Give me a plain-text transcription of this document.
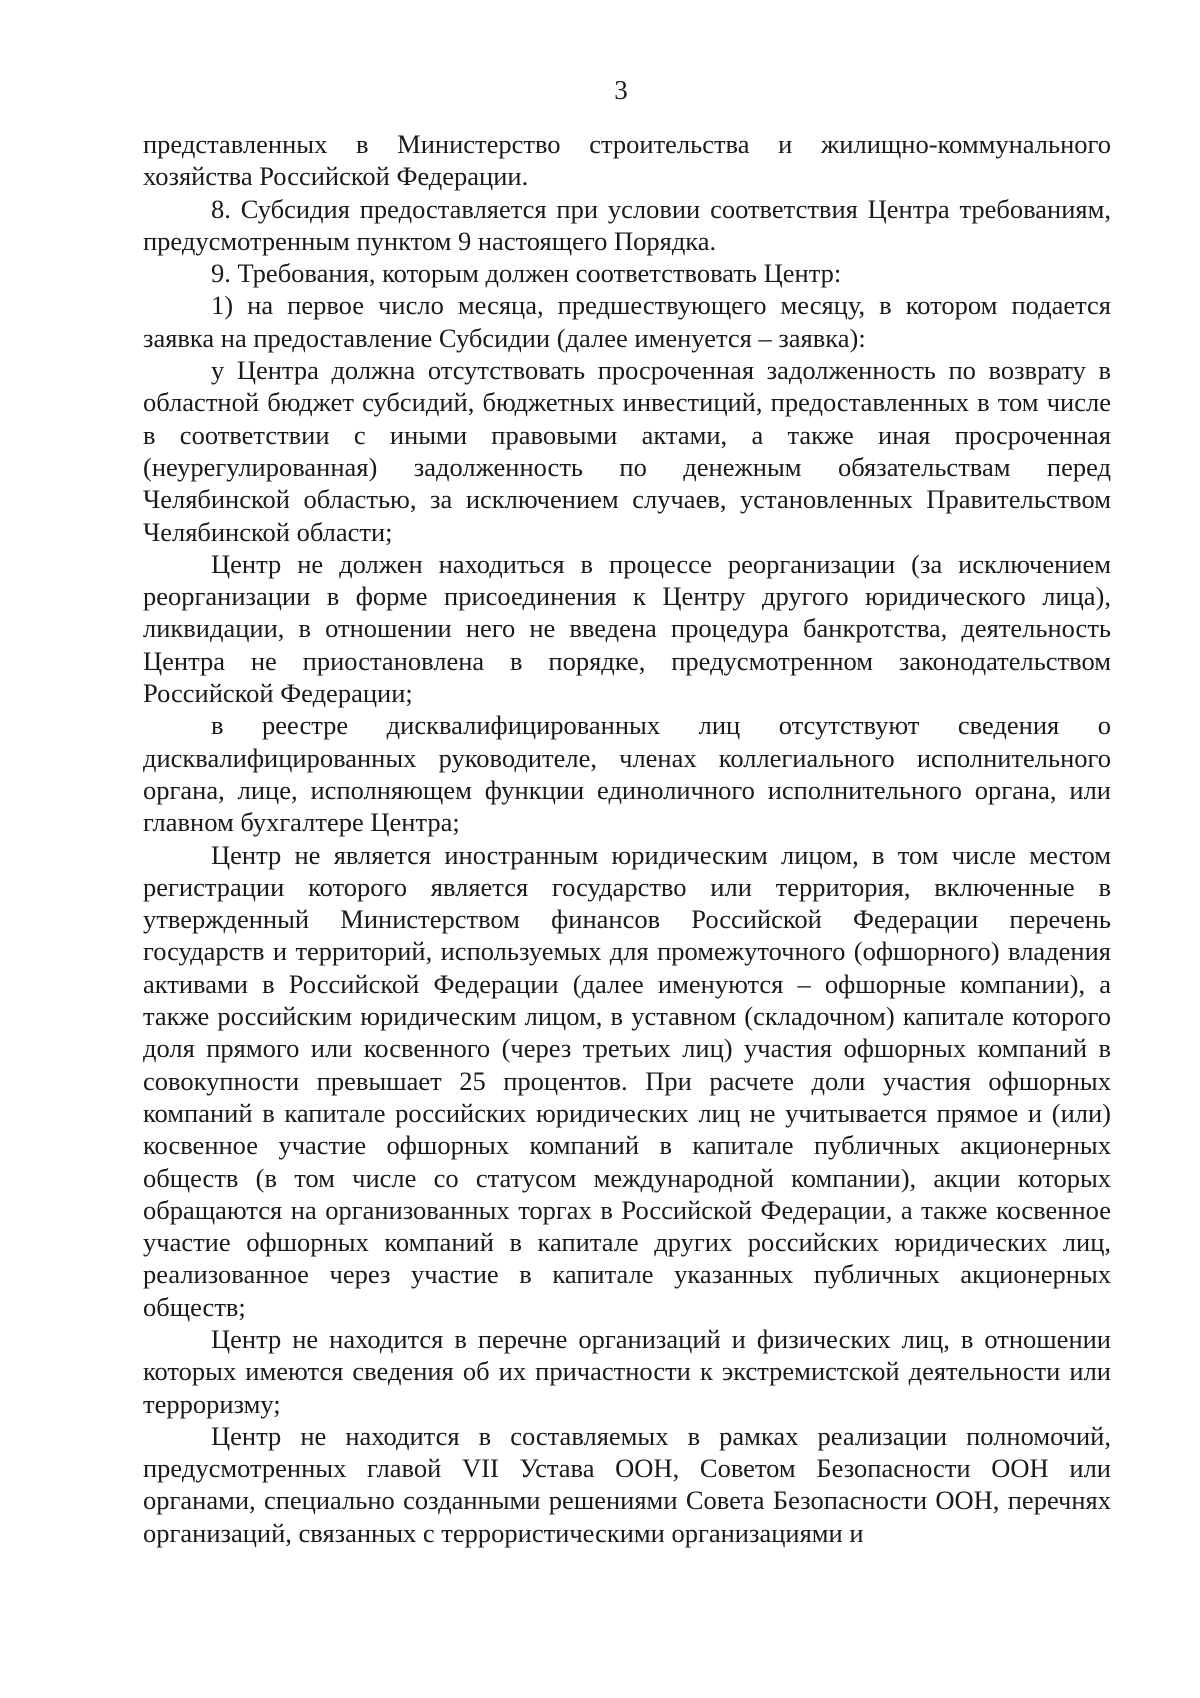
3

представленных в Министерство строительства и жилищно-коммунального хозяйства Российской Федерации.

8. Субсидия предоставляется при условии соответствия Центра требованиям, предусмотренным пунктом 9 настоящего Порядка.

9. Требования, которым должен соответствовать Центр:

1) на первое число месяца, предшествующего месяцу, в котором подается заявка на предоставление Субсидии (далее именуется – заявка):

у Центра должна отсутствовать просроченная задолженность по возврату в областной бюджет субсидий, бюджетных инвестиций, предоставленных в том числе в соответствии с иными правовыми актами, а также иная просроченная (неурегулированная) задолженность по денежным обязательствам перед Челябинской областью, за исключением случаев, установленных Правительством Челябинской области;

Центр не должен находиться в процессе реорганизации (за исключением реорганизации в форме присоединения к Центру другого юридического лица), ликвидации, в отношении него не введена процедура банкротства, деятельность Центра не приостановлена в порядке, предусмотренном законодательством Российской Федерации;

в реестре дисквалифицированных лиц отсутствуют сведения о дисквалифицированных руководителе, членах коллегиального исполнительного органа, лице, исполняющем функции единоличного исполнительного органа, или главном бухгалтере Центра;

Центр не является иностранным юридическим лицом, в том числе местом регистрации которого является государство или территория, включенные в утвержденный Министерством финансов Российской Федерации перечень государств и территорий, используемых для промежуточного (офшорного) владения активами в Российской Федерации (далее именуются – офшорные компании), а также российским юридическим лицом, в уставном (складочном) капитале которого доля прямого или косвенного (через третьих лиц) участия офшорных компаний в совокупности превышает 25 процентов. При расчете доли участия офшорных компаний в капитале российских юридических лиц не учитывается прямое и (или) косвенное участие офшорных компаний в капитале публичных акционерных обществ (в том числе со статусом международной компании), акции которых обращаются на организованных торгах в Российской Федерации, а также косвенное участие офшорных компаний в капитале других российских юридических лиц, реализованное через участие в капитале указанных публичных акционерных обществ;

Центр не находится в перечне организаций и физических лиц, в отношении которых имеются сведения об их причастности к экстремистской деятельности или терроризму;

Центр не находится в составляемых в рамках реализации полномочий, предусмотренных главой VII Устава ООН, Советом Безопасности ООН или органами, специально созданными решениями Совета Безопасности ООН, перечнях организаций, связанных с террористическими организациями и
